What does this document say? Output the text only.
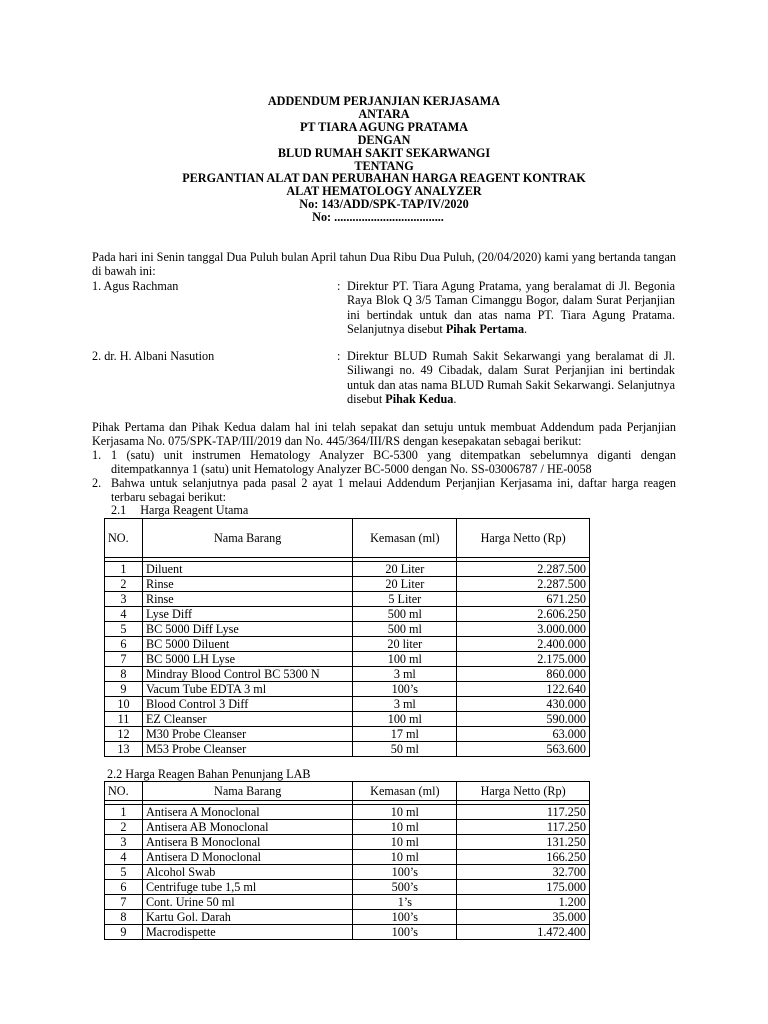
ADDENDUM PERJANJIAN KERJASAMA
ANTARA
PT TIARA AGUNG PRATAMA
DENGAN
BLUD RUMAH SAKIT SEKARWANGI
TENTANG
PERGANTIAN ALAT DAN PERUBAHAN HARGA REAGENT KONTRAK
ALAT HEMATOLOGY ANALYZER
No: 143/ADD/SPK-TAP/IV/2020
No: ....................................
Pada hari ini Senin tanggal Dua Puluh bulan April tahun Dua Ribu Dua Puluh, (20/04/2020) kami yang bertanda tangan di bawah ini:
1. Agus Rachman	: Direktur PT. Tiara Agung Pratama, yang beralamat di Jl. Begonia Raya Blok Q 3/5 Taman Cimanggu Bogor, dalam Surat Perjanjian ini bertindak untuk dan atas nama PT. Tiara Agung Pratama. Selanjutnya disebut Pihak Pertama.
2. dr. H. Albani Nasution	: Direktur BLUD Rumah Sakit Sekarwangi yang beralamat di Jl. Siliwangi no. 49 Cibadak, dalam Surat Perjanjian ini bertindak untuk dan atas nama BLUD Rumah Sakit Sekarwangi. Selanjutnya disebut Pihak Kedua.
Pihak Pertama dan Pihak Kedua dalam hal ini telah sepakat dan setuju untuk membuat Addendum pada Perjanjian Kerjasama No. 075/SPK-TAP/III/2019 dan No. 445/364/III/RS dengan kesepakatan sebagai berikut:
1. 1 (satu) unit instrumen Hematology Analyzer BC-5300 yang ditempatkan sebelumnya diganti dengan ditempatkannya 1 (satu) unit Hematology Analyzer BC-5000 dengan No. SS-03006787 / HE-0058
2. Bahwa untuk selanjutnya pada pasal 2 ayat 1 melaui Addendum Perjanjian Kerjasama ini, daftar harga reagen terbaru sebagai berikut:
2.1 Harga Reagent Utama
NO.	Nama Barang	Kemasan (ml)	Harga Netto (Rp)

1	Diluent	20 Liter	2.287.500
2	Rinse	20 Liter	2.287.500
3	Rinse	5 Liter	671.250
4	Lyse Diff	500 ml	2.606.250
5	BC 5000 Diff Lyse	500 ml	3.000.000
6	BC 5000 Diluent	20 liter	2.400.000
7	BC 5000 LH Lyse	100 ml	2.175.000
8	Mindray Blood Control BC 5300 N	3 ml	860.000
9	Vacum Tube EDTA 3 ml	100’s	122.640
10	Blood Control 3 Diff	3 ml	430.000
11	EZ Cleanser	100 ml	590.000
12	M30 Probe Cleanser	17 ml	63.000
13	M53 Probe Cleanser	50 ml	563.600
2.2 Harga Reagen Bahan Penunjang LAB
NO.	Nama Barang	Kemasan (ml)	Harga Netto (Rp)

1	Antisera A Monoclonal	10 ml	117.250
2	Antisera AB Monoclonal	10 ml	117.250
3	Antisera B Monoclonal	10 ml	131.250
4	Antisera D Monoclonal	10 ml	166.250
5	Alcohol Swab	100’s	32.700
6	Centrifuge tube 1,5 ml	500’s	175.000
7	Cont. Urine 50 ml	1’s	1.200
8	Kartu Gol. Darah	100’s	35.000
9	Macrodispette	100’s	1.472.400
